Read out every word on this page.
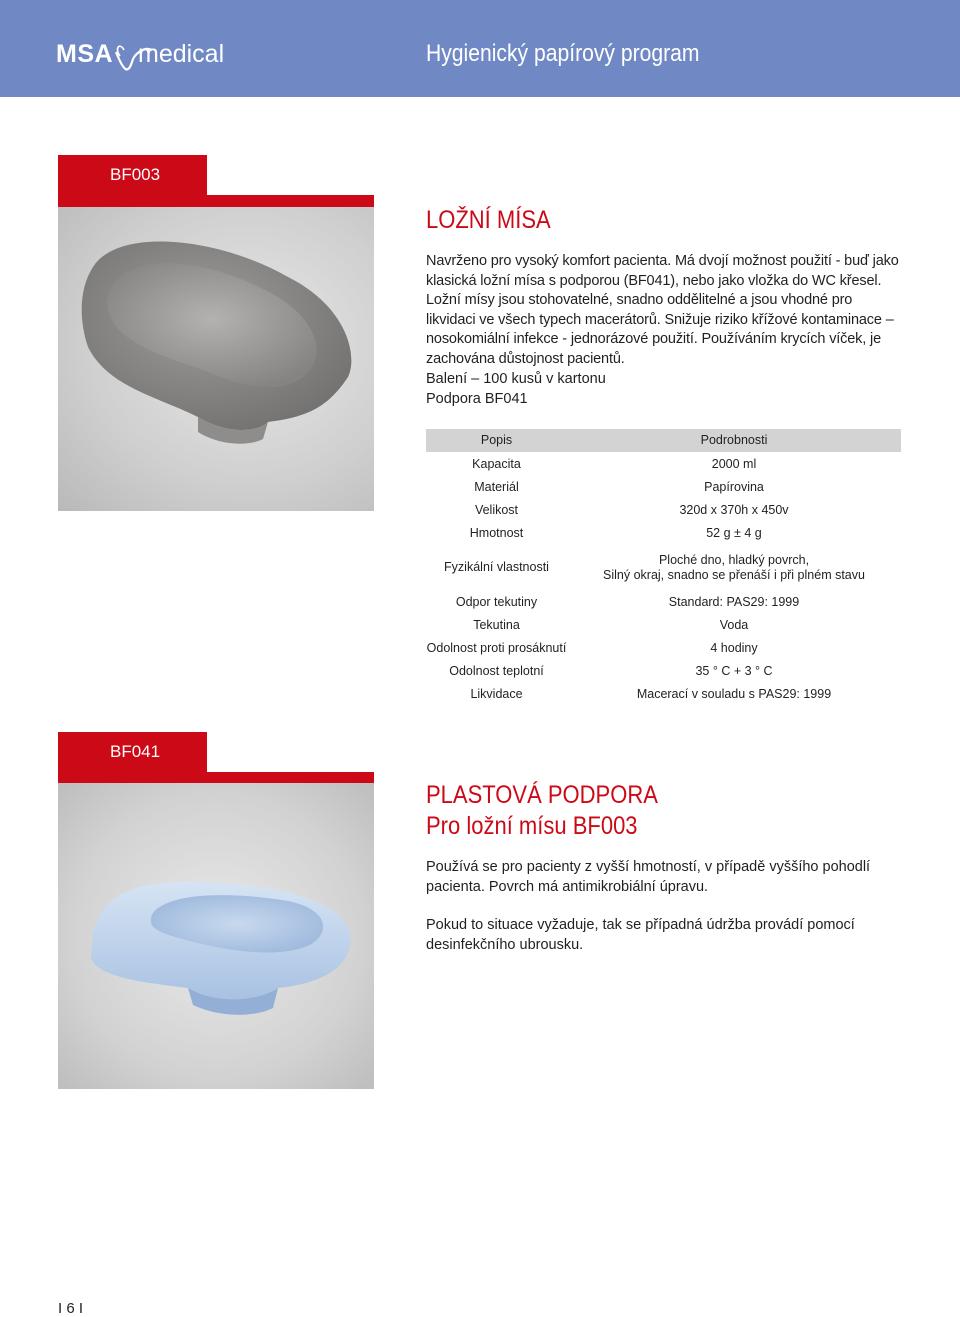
MSA medical	Hygienický papírový program
BF003
LOŽNÍ MÍSA
Navrženo pro vysoký komfort pacienta. Má dvojí možnost použití - buď jako klasická ložní mísa s podporou (BF041), nebo jako vložka do WC křesel. Ložní mísy jsou stohovatelné, snadno oddělitelné a jsou vhodné pro likvidaci ve všech typech macerátorů. Snižuje riziko křížové kontaminace – nosokomiální infekce - jednorázové použití. Používáním krycích víček, je zachována důstojnost pacientů.
Balení – 100 kusů v kartonu
Podpora BF041
Popis	Podrobnosti
Kapacita	2000 ml
Materiál	Papírovina
Velikost	320d x 370h x 450v
Hmotnost	52 g ± 4 g
Fyzikální vlastnosti	Ploché dno, hladký povrch,
Silný okraj, snadno se přenáší i při plném stavu
Odpor tekutiny	Standard: PAS29: 1999
Tekutina	Voda
Odolnost proti prosáknutí	4 hodiny
Odolnost teplotní	35 ° C + 3 ° C
Likvidace	Macerací v souladu s PAS29: 1999
BF041
PLASTOVÁ PODPORA
Pro ložní mísu BF003
Používá se pro pacienty z vyšší hmotností, v případě vyššího pohodlí pacienta. Povrch má antimikrobiální úpravu.
Pokud to situace vyžaduje, tak se případná údržba provádí pomocí desinfekčního ubrousku.
I 6 I
